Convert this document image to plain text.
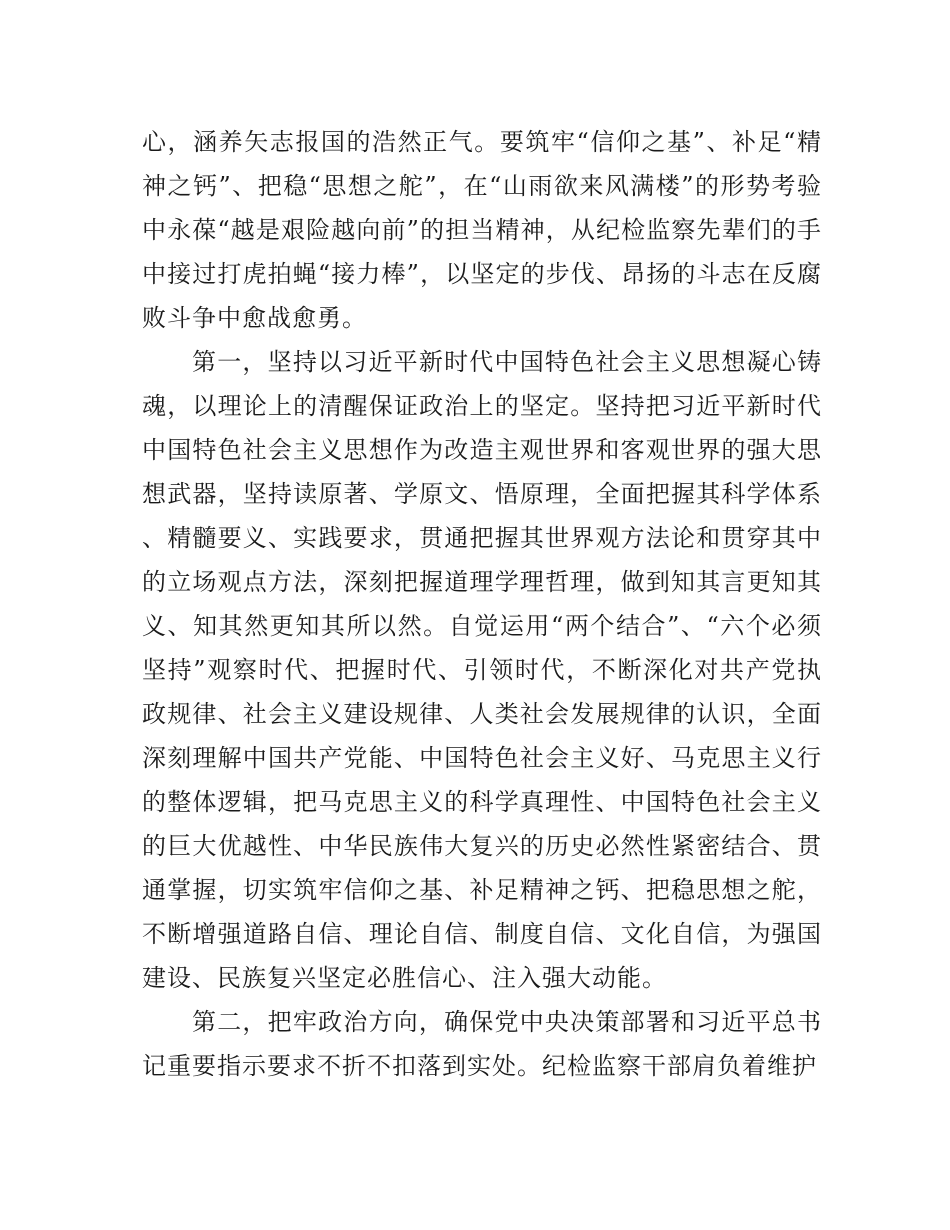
心，涵养矢志报国的浩然正气。要筑牢“信仰之基”、补足“精神之钙”、把稳“思想之舵”，在“山雨欲来风满楼”的形势考验中永葆“越是艰险越向前”的担当精神，从纪检监察先辈们的手中接过打虎拍蝇“接力棒”，以坚定的步伐、昂扬的斗志在反腐败斗争中愈战愈勇。

第一，坚持以习近平新时代中国特色社会主义思想凝心铸魂，以理论上的清醒保证政治上的坚定。坚持把习近平新时代中国特色社会主义思想作为改造主观世界和客观世界的强大思想武器，坚持读原著、学原文、悟原理，全面把握其科学体系、精髓要义、实践要求，贯通把握其世界观方法论和贯穿其中的立场观点方法，深刻把握道理学理哲理，做到知其言更知其义、知其然更知其所以然。自觉运用“两个结合”、“六个必须坚持”观察时代、把握时代、引领时代，不断深化对共产党执政规律、社会主义建设规律、人类社会发展规律的认识，全面深刻理解中国共产党能、中国特色社会主义好、马克思主义行的整体逻辑，把马克思主义的科学真理性、中国特色社会主义的巨大优越性、中华民族伟大复兴的历史必然性紧密结合、贯通掌握，切实筑牢信仰之基、补足精神之钙、把稳思想之舵，不断增强道路自信、理论自信、制度自信、文化自信，为强国建设、民族复兴坚定必胜信心、注入强大动能。

第二，把牢政治方向，确保党中央决策部署和习近平总书记重要指示要求不折不扣落到实处。纪检监察干部肩负着维护
